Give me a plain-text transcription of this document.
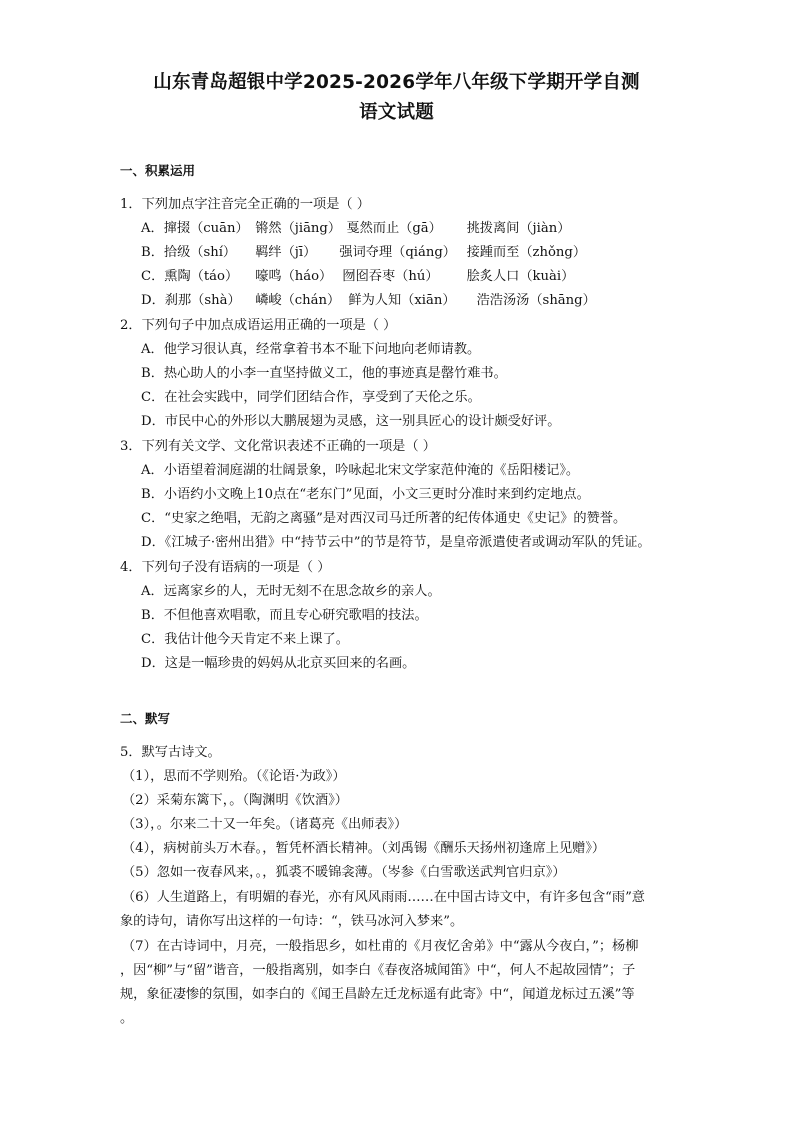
山东青岛超银中学2025-2026学年八年级下学期开学自测
语文试题
一、积累运用
1．下列加点字注音完全正确的一项是（ ）
A．撺掇（cuān） 锵然（jiāng） 戛然而止（gā） 挑拨离间（jiàn）
B．拾级（shí） 羁绊（jī） 强词夺理（qiáng） 接踵而至（zhǒng）
C．熏陶（táo） 嚎鸣（háo） 囫囵吞枣（hú） 脍炙人口（kuài）
D．刹那（shà） 嶙峻（chán） 鲜为人知（xiān） 浩浩汤汤（shāng）
2．下列句子中加点成语运用正确的一项是（ ）
A．他学习很认真，经常拿着书本不耻下问地向老师请教。
B．热心助人的小李一直坚持做义工，他的事迹真是罄竹难书。
C．在社会实践中，同学们团结合作，享受到了天伦之乐。
D．市民中心的外形以大鹏展翅为灵感，这一别具匠心的设计颇受好评。
3．下列有关文学、文化常识表述不正确的一项是（ ）
A．小语望着洞庭湖的壮阔景象，吟咏起北宋文学家范仲淹的《岳阳楼记》。
B．小语约小文晚上10点在“老东门”见面，小文三更时分准时来到约定地点。
C．“史家之绝唱，无韵之离骚”是对西汉司马迁所著的纪传体通史《史记》的赞誉。
D．《江城子·密州出猎》中“持节云中”的节是符节，是皇帝派遣使者或调动军队的凭证。
4．下列句子没有语病的一项是（ ）
A．远离家乡的人，无时无刻不在思念故乡的亲人。
B．不但他喜欢唱歌，而且专心研究歌唱的技法。
C．我估计他今天肯定不来上课了。
D．这是一幅珍贵的妈妈从北京买回来的名画。
二、默写
5．默写古诗文。
（1），思而不学则殆。（《论语·为政》）
（2）采菊东篱下，。（陶渊明《饮酒》）
（3），。尔来二十又一年矣。（诸葛亮《出师表》）
（4），病树前头万木春。，暂凭杯酒长精神。（刘禹锡《酬乐天扬州初逢席上见赠》）
（5）忽如一夜春风来，。，狐裘不暖锦衾薄。（岑参《白雪歌送武判官归京》）
（6）人生道路上，有明媚的春光，亦有风风雨雨……在中国古诗文中，有许多包含“雨”意
象的诗句，请你写出这样的一句诗：“，铁马冰河入梦来”。
（7）在古诗词中，月亮，一般指思乡，如杜甫的《月夜忆舍弟》中“露从今夜白，”；杨柳
，因“柳”与“留”谐音，一般指离别，如李白《春夜洛城闻笛》中“，何人不起故园情”；子
规，象征凄惨的氛围，如李白的《闻王昌龄左迁龙标遥有此寄》中“，闻道龙标过五溪”等
。
